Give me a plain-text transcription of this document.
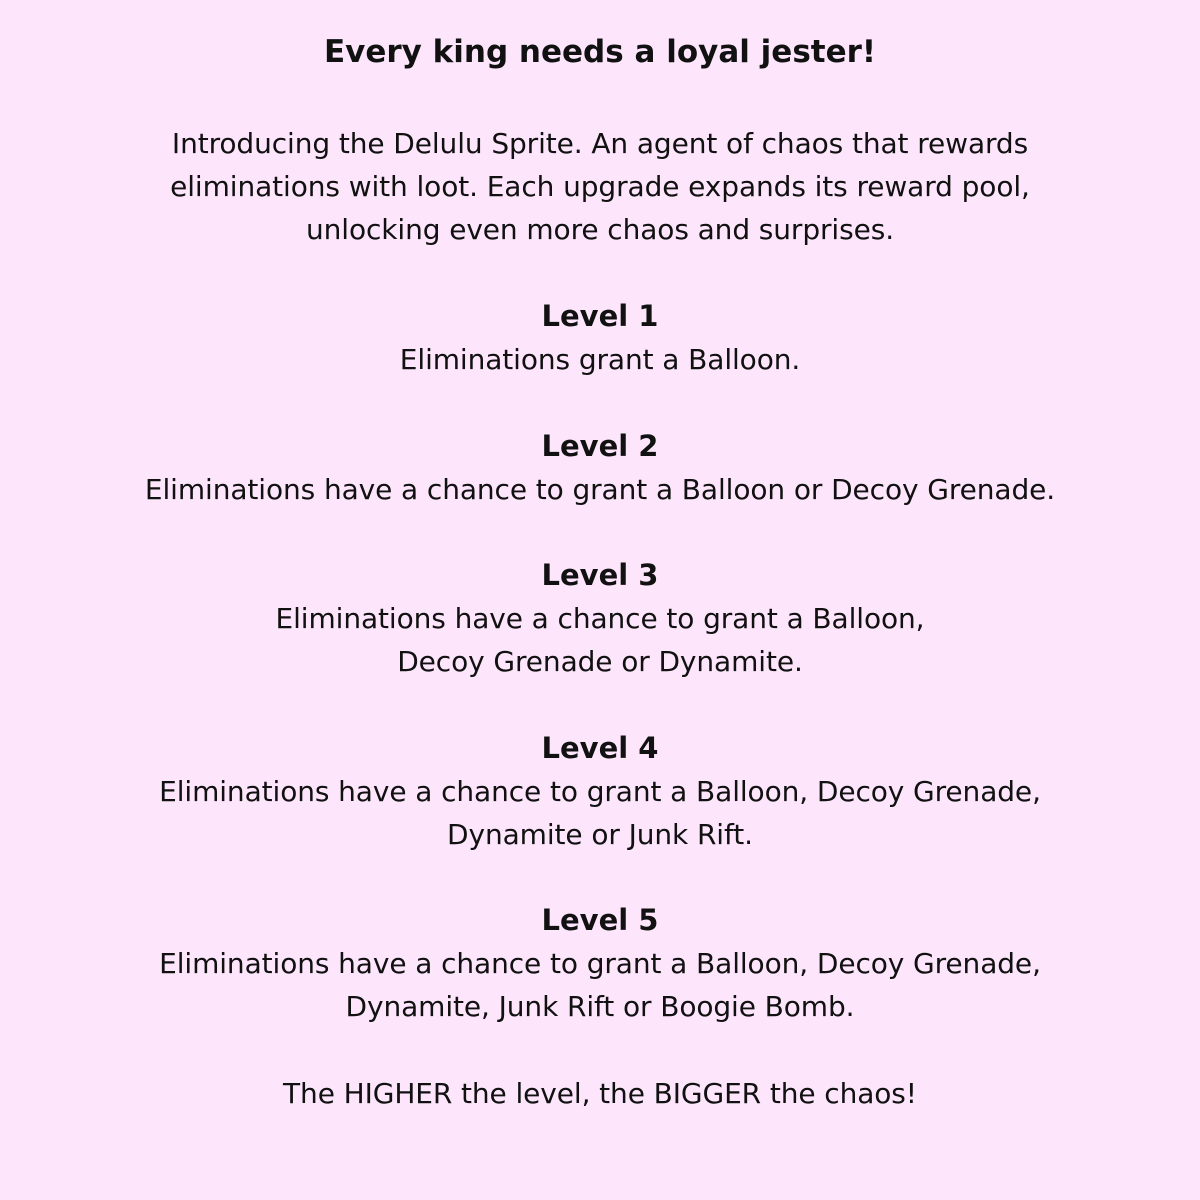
Every king needs a loyal jester!
Introducing the Delulu Sprite. An agent of chaos that rewards
eliminations with loot. Each upgrade expands its reward pool,
unlocking even more chaos and surprises.
Level 1
Eliminations grant a Balloon.
Level 2
Eliminations have a chance to grant a Balloon or Decoy Grenade.
Level 3
Eliminations have a chance to grant a Balloon,
Decoy Grenade or Dynamite.
Level 4
Eliminations have a chance to grant a Balloon, Decoy Grenade,
Dynamite or Junk Rift.
Level 5
Eliminations have a chance to grant a Balloon, Decoy Grenade,
Dynamite, Junk Rift or Boogie Bomb.
The HIGHER the level, the BIGGER the chaos!
